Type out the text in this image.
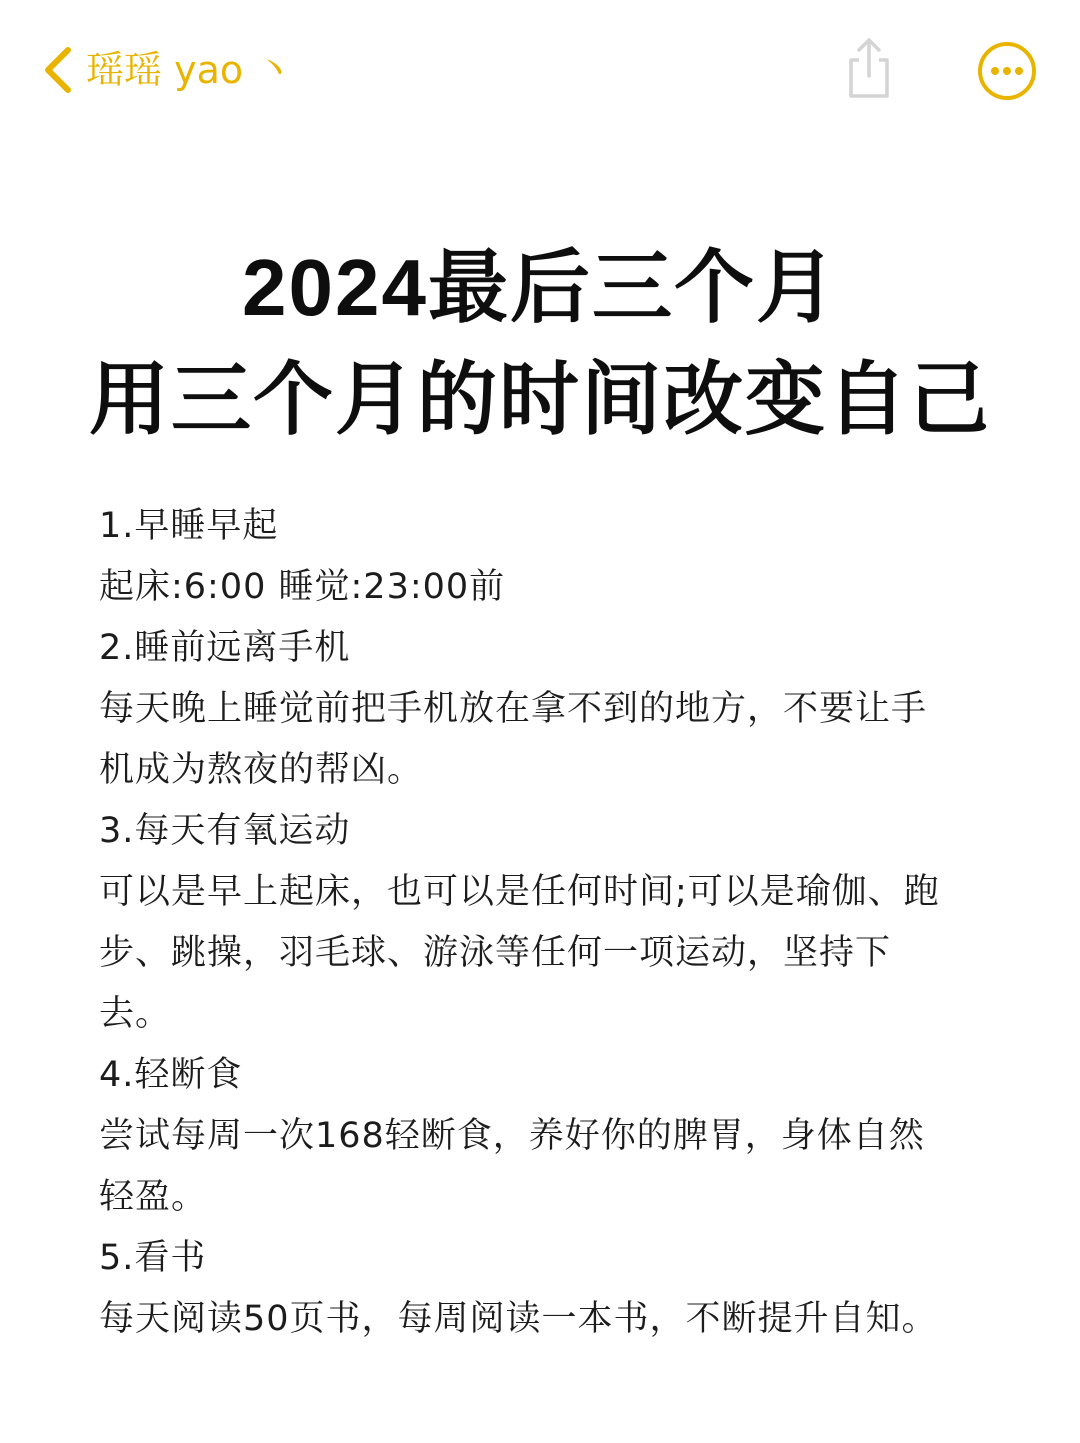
瑶瑶 yao 丶
2024最后三个月
用三个月的时间改变自己
1.早睡早起
起床:6:00 睡觉:23:00前
2.睡前远离手机
每天晚上睡觉前把手机放在拿不到的地方，不要让手
机成为熬夜的帮凶。
3.每天有氧运动
可以是早上起床，也可以是任何时间;可以是瑜伽、跑
步、跳操，羽毛球、游泳等任何一项运动，坚持下
去。
4.轻断食
尝试每周一次168轻断食，养好你的脾胃，身体自然
轻盈。
5.看书
每天阅读50页书，每周阅读一本书，不断提升自知。
